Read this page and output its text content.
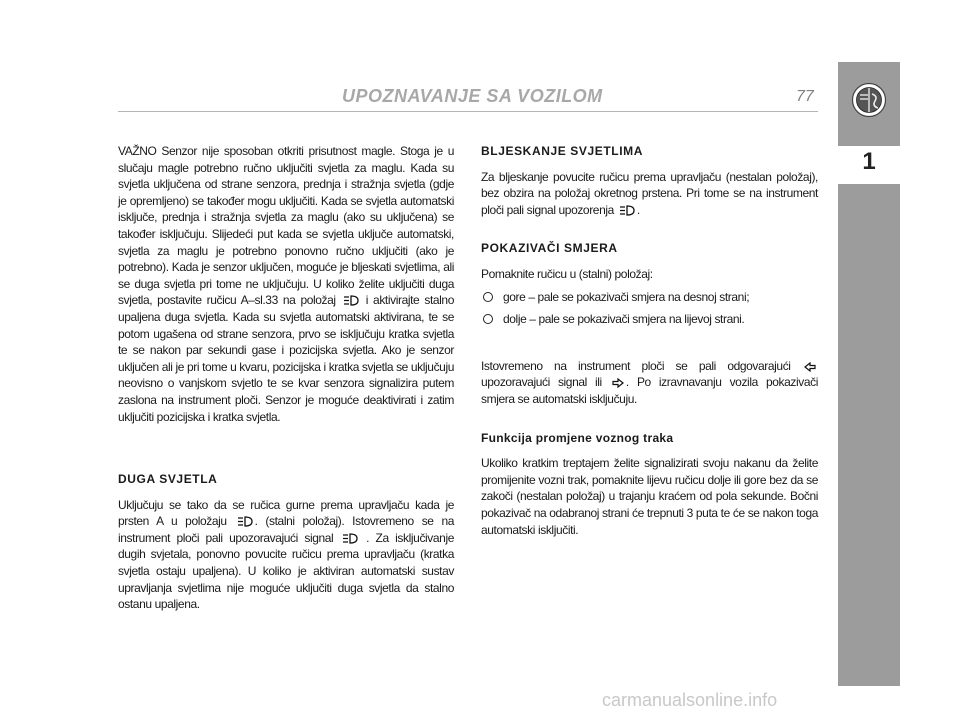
UPOZNAVANJE SA VOZILOM	77
1

VAŽNO Senzor nije sposoban otkriti prisutnost magle. Stoga je u slučaju magle potrebno ručno uključiti svjetla za maglu. Kada su svjetla uključena od strane senzora, prednja i stražnja svjetla (gdje je opremljeno) se također mogu uključiti. Kada se svjetla automatski isključe, prednja i stražnja svjetla za maglu (ako su uključena) se također isključuju. Slijedeći put kada se svjetla uključe automatski, svjetla za maglu je potrebno ponovno ručno uključiti (ako je potrebno). Kada je senzor uključen, moguće je bljeskati svjetlima, ali se duga svjetla pri tome ne uključuju. U koliko želite uključiti duga svjetla, postavite ručicu A–sl.33 na položaj	i aktivirajte stalno upaljena duga svjetla. Kada su svjetla automatski aktivirana, te se potom ugašena od strane senzora, prvo se isključuju kratka svjetla te se nakon par sekundi gase i pozicijska svjetla. Ako je senzor uključen ali je pri tome u kvaru, pozicijska i kratka svjetla se uključuju neovisno o vanjskom svjetlo te se kvar senzora signalizira putem zaslona na instrument ploči. Senzor je moguće deaktivirati i zatim uključiti pozicijska i kratka svjetla.

DUGA SVJETLA

Uključuju se tako da se ručica gurne prema upravljaču kada je prsten A u položaju . (stalni položaj). Istovremeno se na instrument ploči pali upozoravajući signal	. Za isključivanje dugih svjetala, ponovno povucite ručicu prema upravljaču (kratka svjetla ostaju upaljena). U koliko je aktiviran automatski sustav upravljanja svjetlima nije moguće uključiti duga svjetla da stalno ostanu upaljena.

BLJESKANJE SVJETLIMA

Za bljeskanje povucite ručicu prema upravljaču (nestalan položaj), bez obzira na položaj okretnog prstena. Pri tome se na instrument ploči pali signal upozorenja .

POKAZIVAČI SMJERA

Pomaknite ručicu u (stalni) položaj:

gore – pale se pokazivači smjera na desnoj strani;
dolje – pale se pokazivači smjera na lijevoj strani.

Istovremeno na instrument ploči se pali odgovarajući  upozoravajući signal ili . Po izravnavanju vozila pokazivači smjera se automatski isključuju.

Funkcija promjene voznog traka

Ukoliko kratkim treptajem želite signalizirati svoju nakanu da želite promijenite vozni trak, pomaknite lijevu ručicu dolje ili gore bez da se zakoči (nestalan položaj) u trajanju kraćem od pola sekunde. Bočni pokazivač na odabranoj strani će trepnuti 3 puta te će se nakon toga automatski isključiti.

carmanualsonline.info
